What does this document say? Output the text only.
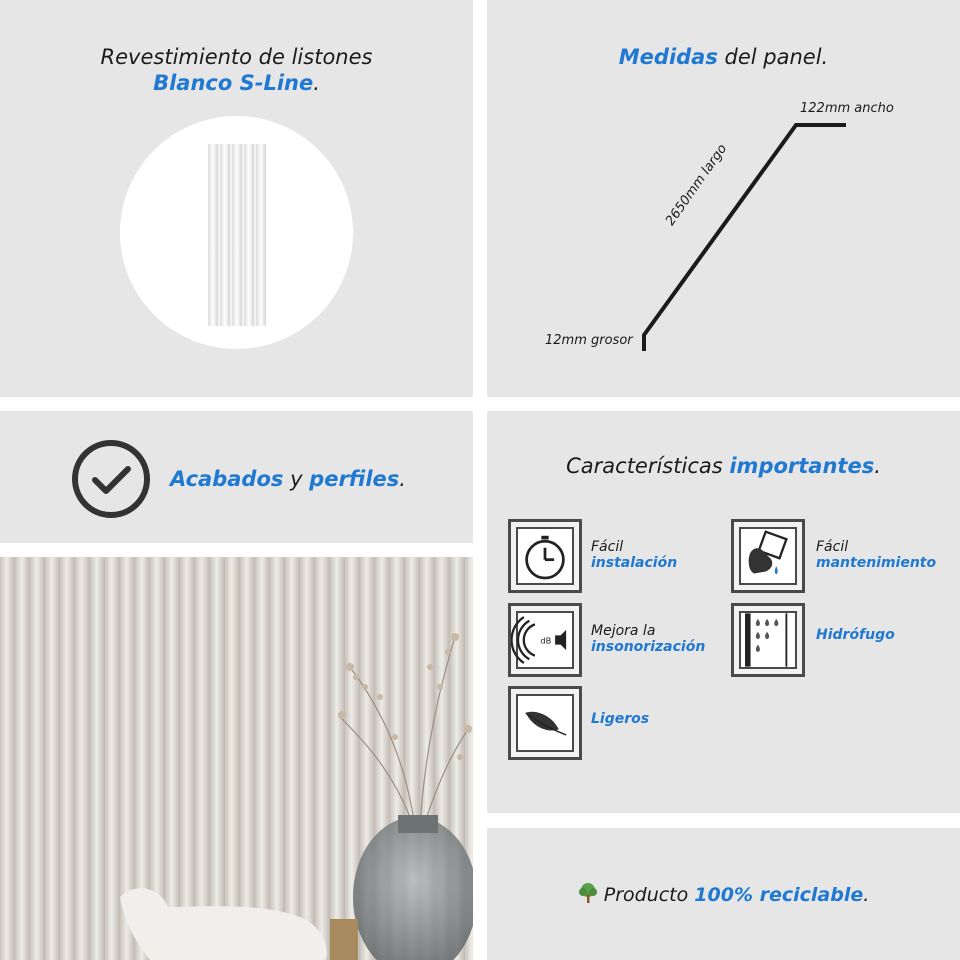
Revestimiento de listones
Blanco S-Line.
Medidas del panel.
122mm ancho
12mm grosor
2650mm largo
Acabados y perfiles.
Características importantes.
Fácil
instalación
Fácil
mantenimiento
dB
Mejora la
insonorización
Hidrófugo
Ligeros
Producto 100% reciclable.
